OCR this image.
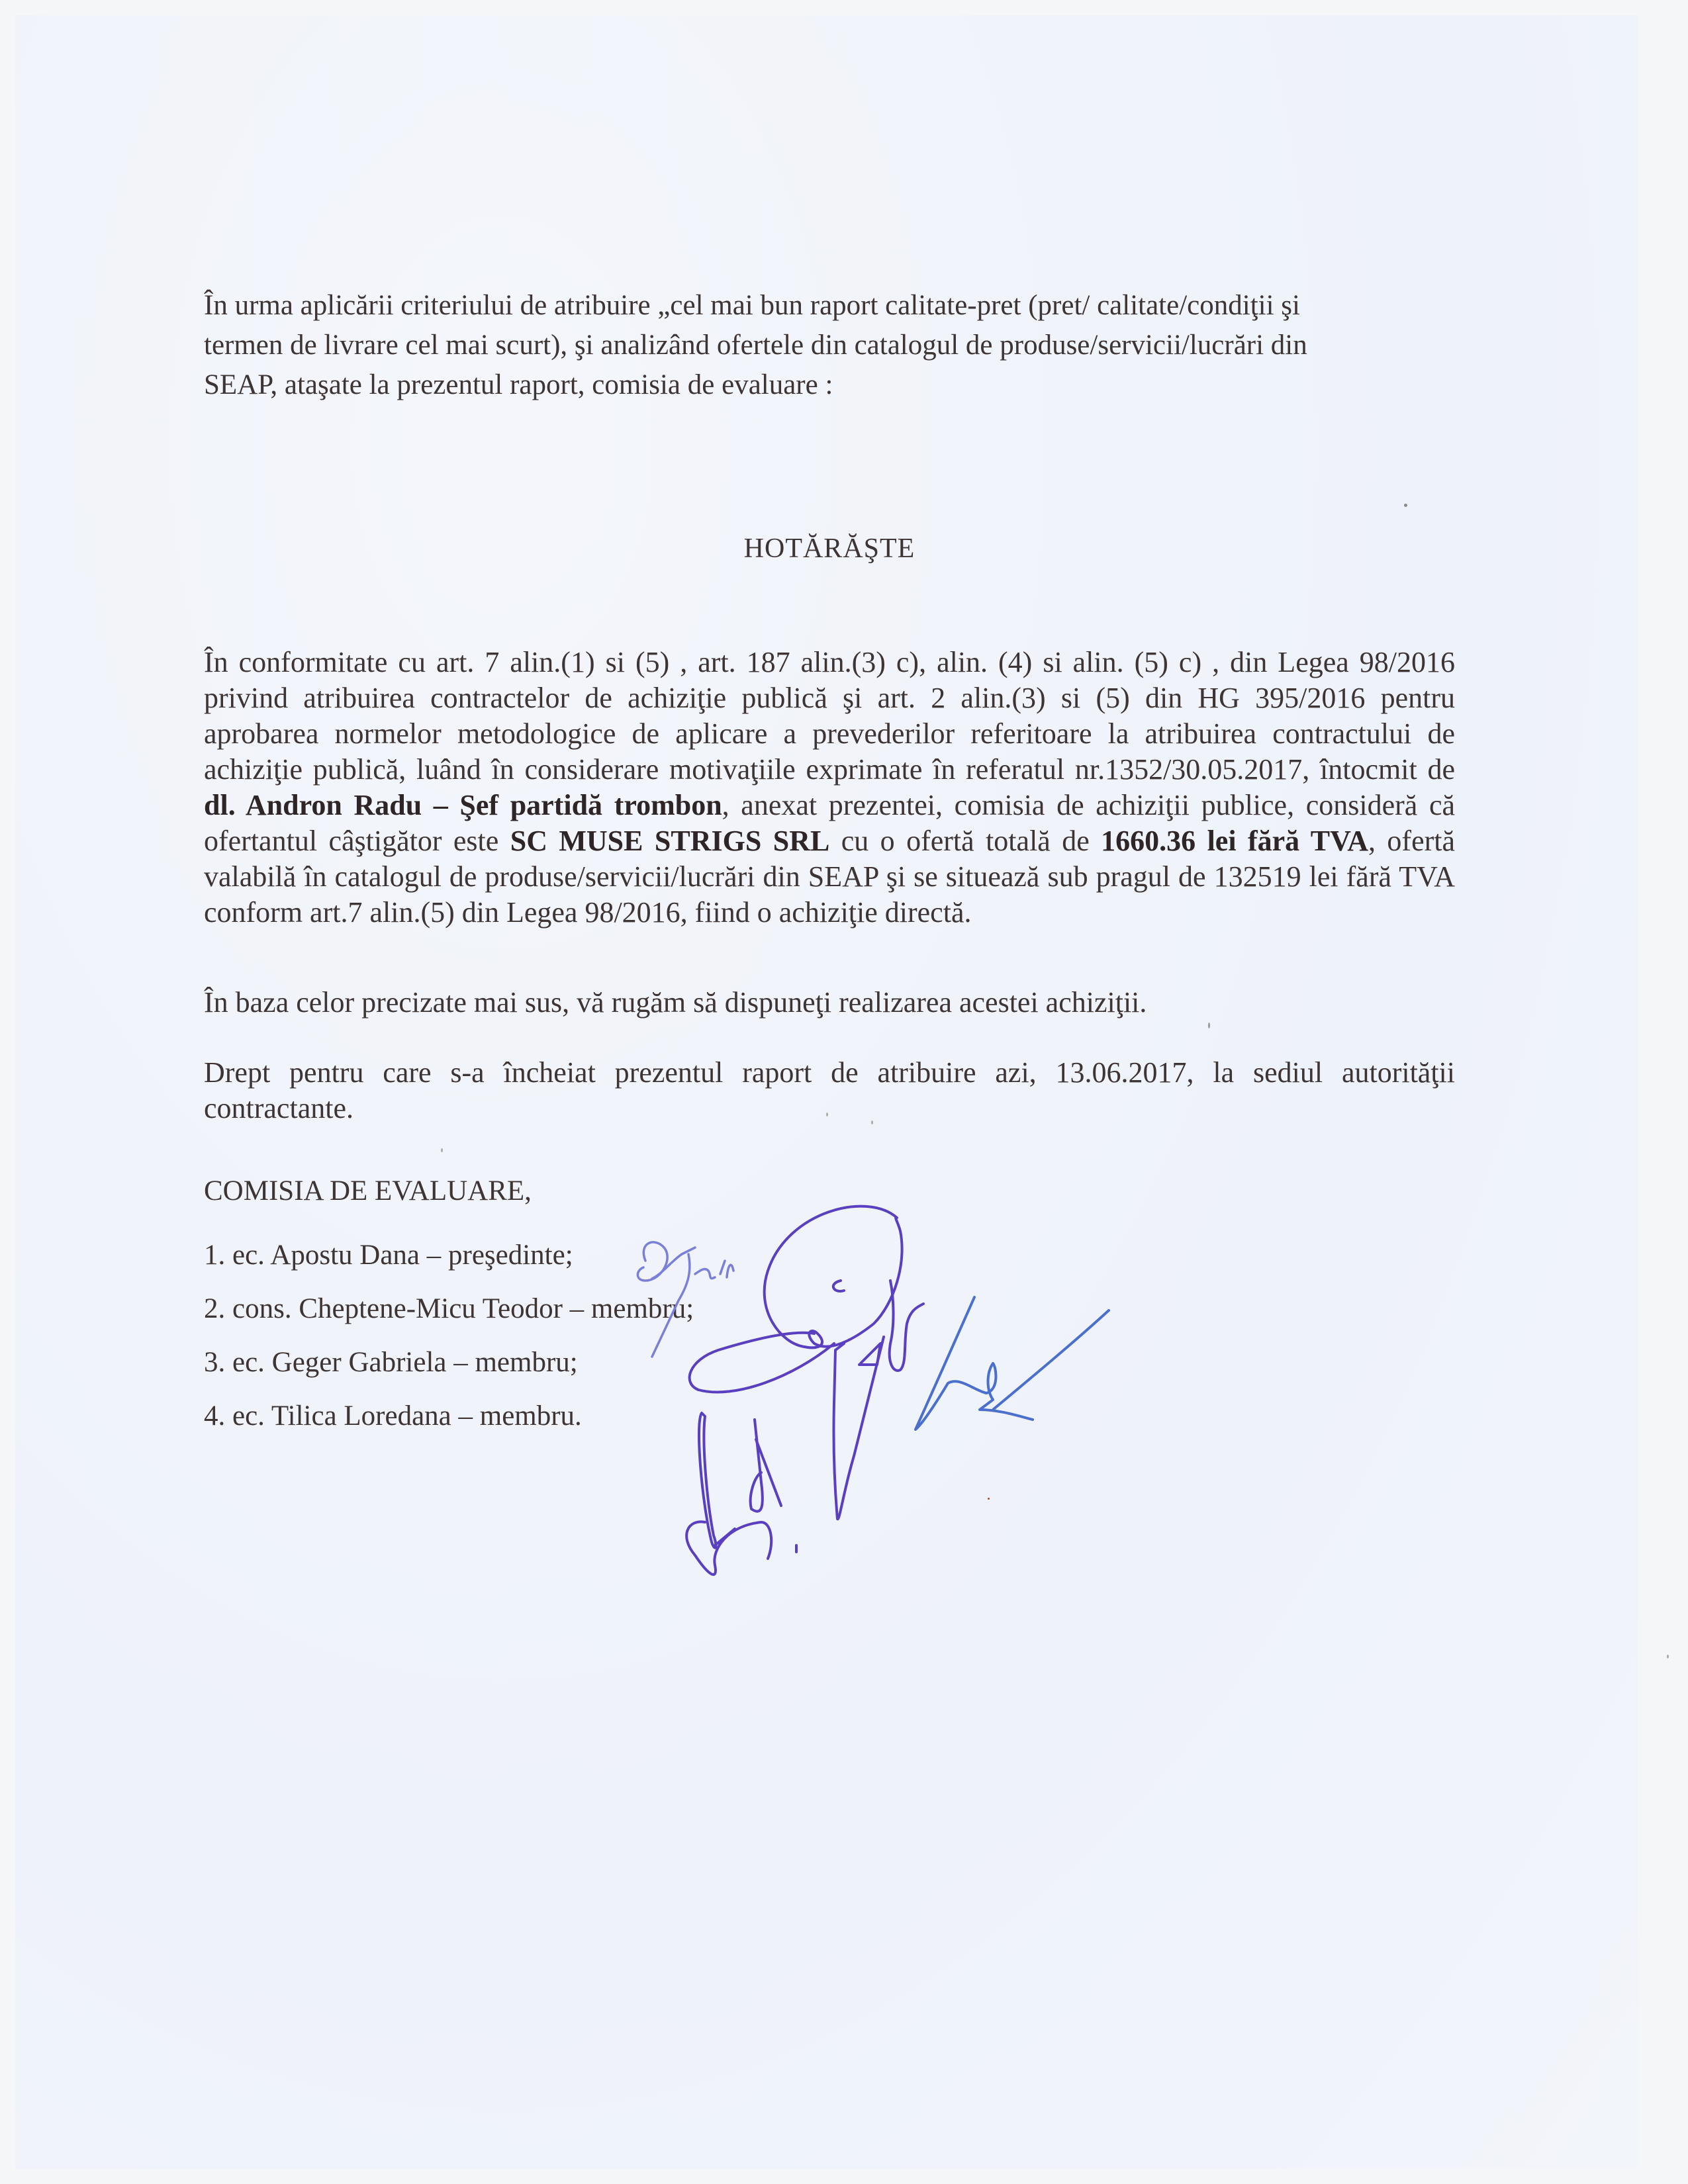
În urma aplicării criteriului de atribuire „cel mai bun raport calitate-pret (pret/ calitate/condiţii şi
termen de livrare cel mai scurt), şi analizând ofertele din catalogul de produse/servicii/lucrări din
SEAP, ataşate la prezentul raport, comisia de evaluare :

HOTĂRĂŞTE

În conformitate cu art. 7 alin.(1) si (5) , art. 187 alin.(3) c), alin. (4) si alin. (5) c) , din Legea 98/2016 privind atribuirea contractelor de achiziţie publică şi art. 2 alin.(3) si (5) din HG 395/2016 pentru aprobarea normelor metodologice de aplicare a prevederilor referitoare la atribuirea contractului de achiziţie publică, luând în considerare motivaţiile exprimate în referatul nr.1352/30.05.2017, întocmit de dl. Andron Radu – Şef partidă trombon, anexat prezentei, comisia de achiziţii publice, consideră că ofertantul câştigător este SC MUSE STRIGS SRL cu o ofertă totală de 1660.36 lei fără TVA, ofertă valabilă în catalogul de produse/servicii/lucrări din SEAP şi se situează sub pragul de 132519 lei fără TVA conform art.7 alin.(5) din Legea 98/2016, fiind o achiziţie directă.

În baza celor precizate mai sus, vă rugăm să dispuneţi realizarea acestei achiziţii.

Drept pentru care s-a încheiat prezentul raport de atribuire azi, 13.06.2017, la sediul autorităţii contractante.

COMISIA DE EVALUARE,
1. ec. Apostu Dana – preşedinte;
2. cons. Cheptene-Micu Teodor – membru;
3. ec. Geger Gabriela – membru;
4. ec. Tilica Loredana – membru.
